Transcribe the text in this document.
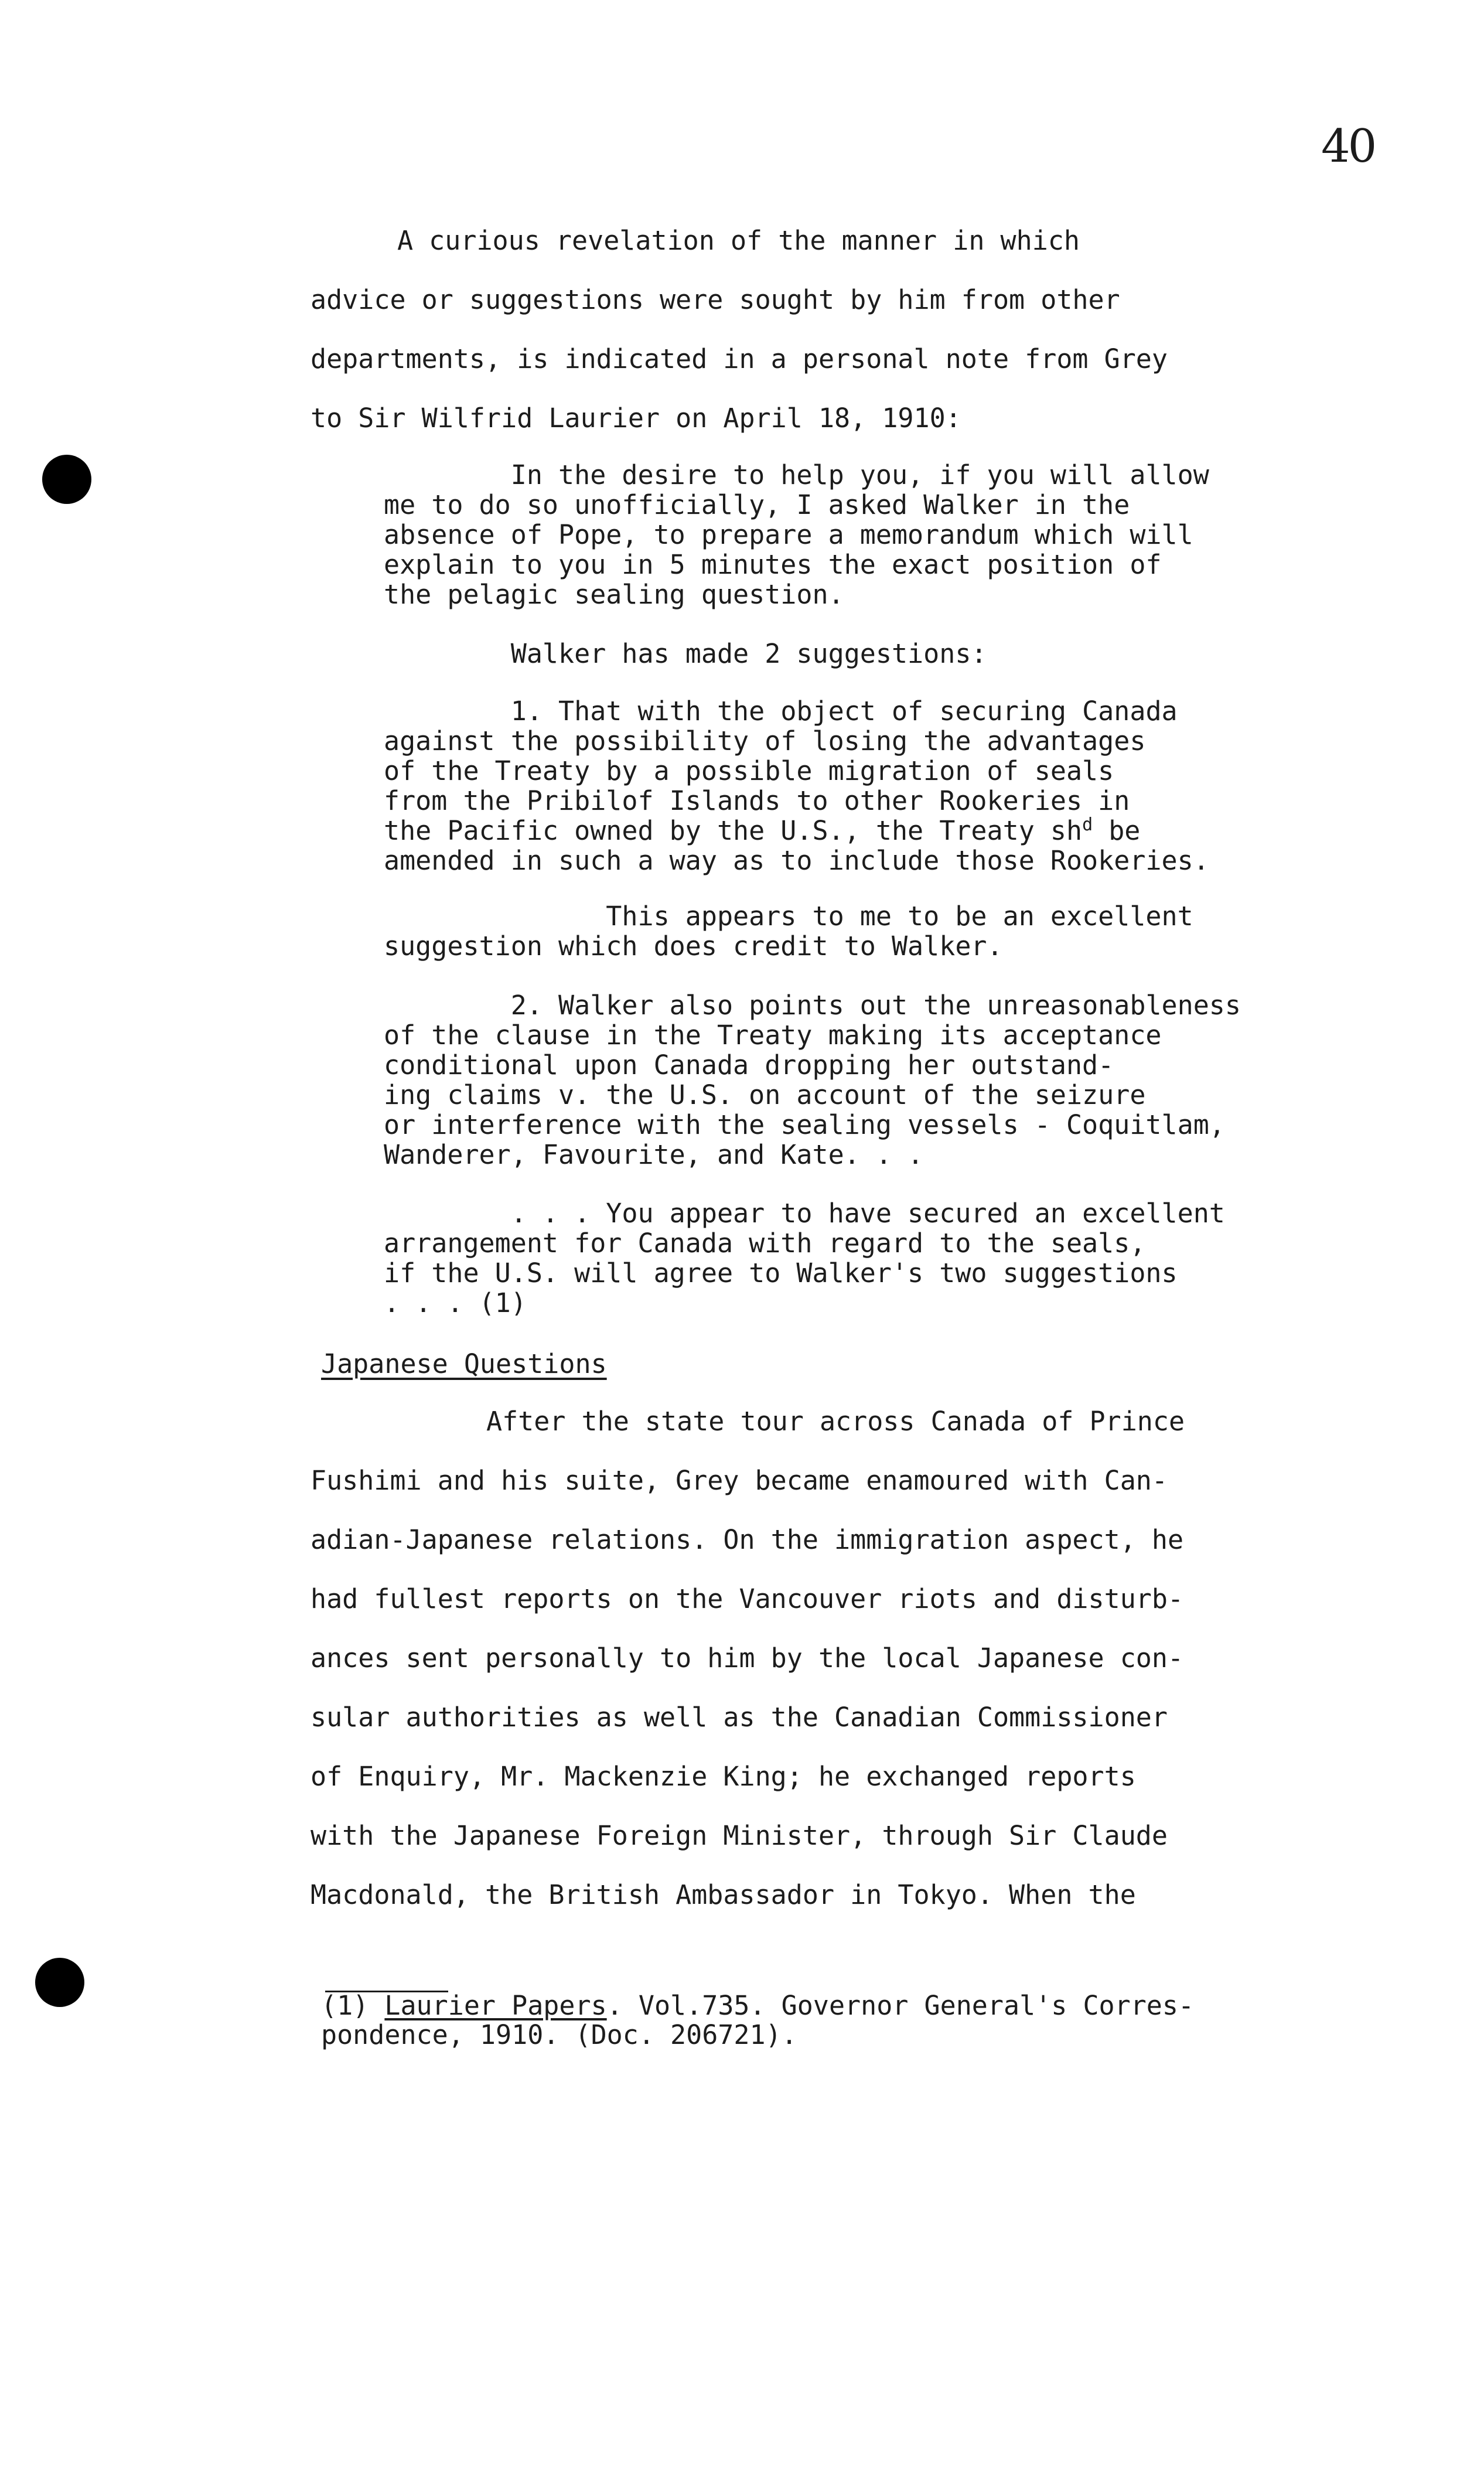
40
A curious revelation of the manner in which
advice or suggestions were sought by him from other
departments, is indicated in a personal note from Grey
to Sir Wilfrid Laurier on April 18, 1910:

In the desire to help you, if you will allow
me to do so unofficially, I asked Walker in the
absence of Pope, to prepare a memorandum which will
explain to you in 5 minutes the exact position of
the pelagic sealing question.

Walker has made 2 suggestions:

1. That with the object of securing Canada
against the possibility of losing the advantages
of the Treaty by a possible migration of seals
from the Pribilof Islands to other Rookeries in
the Pacific owned by the U.S., the Treaty $sh^d$ be
amended in such a way as to include those Rookeries.

This appears to me to be an excellent
suggestion which does credit to Walker.

2. Walker also points out the unreasonableness
of the clause in the Treaty making its acceptance
conditional upon Canada dropping her outstand-
ing claims v. the U.S. on account of the seizure
or interference with the sealing vessels - Coquitlam,
Wanderer, Favourite, and Kate. . .

. . . You appear to have secured an excellent
arrangement for Canada with regard to the seals,
if the U.S. will agree to Walker's two suggestions
. . . (1)

Japanese Questions
After the state tour across Canada of Prince
Fushimi and his suite, Grey became enamoured with Can-
adian-Japanese relations. On the immigration aspect, he
had fullest reports on the Vancouver riots and disturb-
ances sent personally to him by the local Japanese con-
sular authorities as well as the Canadian Commissioner
of Enquiry, Mr. Mackenzie King; he exchanged reports
with the Japanese Foreign Minister, through Sir Claude
Macdonald, the British Ambassador in Tokyo. When the

(1) Laurier Papers. Vol.735. Governor General's Corres-
pondence, 1910. (Doc. 206721).
